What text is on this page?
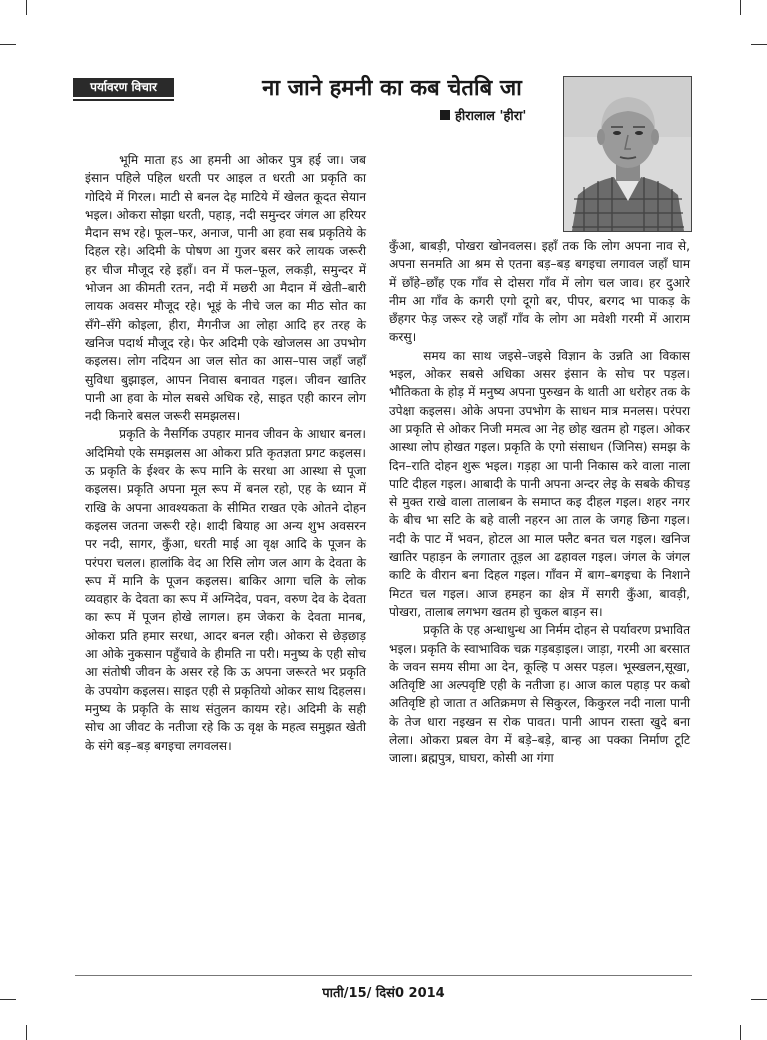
पर्यावरण विचार	ना जाने हमनी का कब चेतबि जा
हीरालाल 'हीरा'

भूमि माता हऽ आ हमनी आ ओकर पुत्र हई जा। जब इंसान पहिले पहिल धरती पर आइल त धरती आ प्रकृति का गोदिये में गिरल। माटी से बनल देह माटिये में खेलत कूदत सेयान भइल। ओकरा सोझा धरती, पहाड़, नदी समुन्दर जंगल आ हरियर मैदान सभ रहे। फूल–फर, अनाज, पानी आ हवा सब प्रकृतिये के दिहल रहे। अदिमी के पोषण आ गुजर बसर करे लायक जरूरी हर चीज मौजूद रहे इहाँ। वन में फल–फूल, लकड़ी, समुन्दर में भोजन आ कीमती रतन, नदी में मछरी आ मैदान में खेती–बारी लायक अवसर मौजूद रहे। भूइं के नीचे जल का मीठ सोत का सँगे–सँगे कोइला, हीरा, मैगनीज आ लोहा आदि हर तरह के खनिज पदार्थ मौजूद रहे। फेर अदिमी एके खोजलस आ उपभोग कइलस। लोग नदियन आ जल सोत का आस–पास जहाँ जहाँ सुविधा बुझाइल, आपन निवास बनावत गइल। जीवन खातिर पानी आ हवा के मोल सबसे अधिक रहे, साइत एही कारन लोग नदी किनारे बसल जरूरी समझलस।

प्रकृति के नैसर्गिक उपहार मानव जीवन के आधार बनल। अदिमियो एके समझलस आ ओकरा प्रति कृतज्ञता प्रगट कइलस। ऊ प्रकृति के ईश्वर के रूप मानि के सरधा आ आस्था से पूजा कइलस। प्रकृति अपना मूल रूप में बनल रहो, एह के ध्यान में राखि के अपना आवश्यकता के सीमित राखत एके ओतने दोहन कइलस जतना जरूरी रहे। शादी बियाह आ अन्य शुभ अवसरन पर नदी, सागर, कुँआ, धरती माई आ वृक्ष आदि के पूजन के परंपरा चलल। हालांकि वेद आ रिसि लोग जल आग के देवता के रूप में मानि के पूजन कइलस। बाकिर आगा चलि के लोक व्यवहार के देवता का रूप में अग्निदेव, पवन, वरुण देव के देवता का रूप में पूजन होखे लागल। हम जेकरा के देवता मानब, ओकरा प्रति हमार सरधा, आदर बनल रही। ओकरा से छेड़छाड़ आ ओके नुकसान पहुँचावे के हीमति ना परी। मनुष्य के एही सोच आ संतोषी जीवन के असर रहे कि ऊ अपना जरूरते भर प्रकृति के उपयोग कइलस। साइत एही से प्रकृतियो ओकर साथ दिहलस। मनुष्य के प्रकृति के साथ संतुलन कायम रहे। अदिमी के सही सोच आ जीवट के नतीजा रहे कि ऊ वृक्ष के महत्व समुझत खेती के संगे बड़–बड़ बगइचा लगवलस।

कुँआ, बाबड़ी, पोखरा खोनवलस। इहाँ तक कि लोग अपना नाव से, अपना सनमति आ श्रम से एतना बड़–बड़ बगइचा लगावल जहाँ घाम में छाँहे–छाँह एक गाँव से दोसरा गाँव में लोग चल जाव। हर दुआरे नीम आ गाँव के कगरी एगो दूगो बर, पीपर, बरगद भा पाकड़ के छँहगर फेड़ जरूर रहे जहाँ गाँव के लोग आ मवेशी गरमी में आराम करसु।

समय का साथ जइसे–जइसे विज्ञान के उन्नति आ विकास भइल, ओकर सबसे अधिका असर इंसान के सोच पर पड़ल। भौतिकता के होड़ में मनुष्य अपना पुरुखन के थाती आ धरोहर तक के उपेक्षा कइलस। ओके अपना उपभोग के साधन मात्र मनलस। परंपरा आ प्रकृति से ओकर निजी ममत्व आ नेह छोह खतम हो गइल। ओकर आस्था लोप होखत गइल। प्रकृति के एगो संसाधन (जिनिस) समझ के दिन–राति दोहन शुरू भइल। गड़हा आ पानी निकास करे वाला नाला पाटि दीहल गइल। आबादी के पानी अपना अन्दर लेइ के सबके कीचड़ से मुक्त राखे वाला तालाबन के समाप्त कइ दीहल गइल। शहर नगर के बीच भा सटि के बहे वाली नहरन आ ताल के जगह छिना गइल। नदी के पाट में भवन, होटल आ माल फ्लैट बनत चल गइल। खनिज खातिर पहाड़न के लगातार तूड़ल आ ढहावल गइल। जंगल के जंगल काटि के वीरान बना दिहल गइल। गाँवन में बाग–बगइचा के निशाने मिटत चल गइल। आज हमहन का क्षेत्र में सगरी कुँआ, बावड़ी, पोखरा, तालाब लगभग खतम हो चुकल बाड़न स।

प्रकृति के एह अन्धाधुन्ध आ निर्मम दोहन से पर्यावरण प्रभावित भइल। प्रकृति के स्वाभाविक चक्र गड़बड़ाइल। जाड़ा, गरमी आ बरसात के जवन समय सीमा आ देन, कूल्हि प असर पड़ल। भूस्खलन,सूखा, अतिवृष्टि आ अल्पवृष्टि एही के नतीजा ह। आज काल पहाड़ पर कबो अतिवृष्टि हो जाता त अतिक्रमण से सिकुरल, किकुरल नदी नाला पानी के तेज धारा नइखन स रोक पावत। पानी आपन रास्ता खुदे बना लेला। ओकरा प्रबल वेग में बड़े–बड़े, बान्ह आ पक्का निर्माण टूटि जाला। ब्रह्मपुत्र, घाघरा, कोसी आ गंगा

पाती/15/ दिसं0 2014
